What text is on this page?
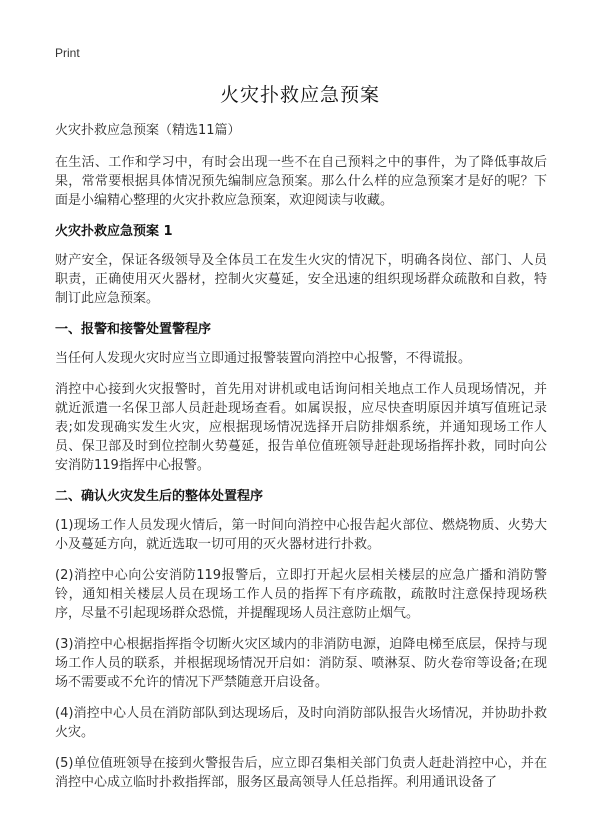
Print
火灾扑救应急预案
火灾扑救应急预案（精选11篇）

在生活、工作和学习中，有时会出现一些不在自己预料之中的事件，为了降低事故后果，常常要根据具体情况预先编制应急预案。那么什么样的应急预案才是好的呢？下面是小编精心整理的火灾扑救应急预案，欢迎阅读与收藏。

火灾扑救应急预案 1

财产安全，保证各级领导及全体员工在发生火灾的情况下，明确各岗位、部门、人员职责，正确使用灭火器材，控制火灾蔓延，安全迅速的组织现场群众疏散和自救，特制订此应急预案。

一、报警和接警处置警程序

当任何人发现火灾时应当立即通过报警装置向消控中心报警，不得谎报。

消控中心接到火灾报警时，首先用对讲机或电话询问相关地点工作人员现场情况，并就近派遣一名保卫部人员赶赴现场查看。如属误报，应尽快查明原因并填写值班记录表;如发现确实发生火灾，应根据现场情况选择开启防排烟系统，并通知现场工作人员、保卫部及时到位控制火势蔓延，报告单位值班领导赶赴现场指挥扑救，同时向公安消防119指挥中心报警。

二、确认火灾发生后的整体处置程序

(1)现场工作人员发现火情后，第一时间向消控中心报告起火部位、燃烧物质、火势大小及蔓延方向，就近选取一切可用的灭火器材进行扑救。

(2)消控中心向公安消防119报警后，立即打开起火层相关楼层的应急广播和消防警铃，通知相关楼层人员在现场工作人员的指挥下有序疏散，疏散时注意保持现场秩序，尽量不引起现场群众恐慌，并提醒现场人员注意防止烟气。

(3)消控中心根据指挥指令切断火灾区域内的非消防电源，迫降电梯至底层，保持与现场工作人员的联系，并根据现场情况开启如：消防泵、喷淋泵、防火卷帘等设备;在现场不需要或不允许的情况下严禁随意开启设备。

(4)消控中心人员在消防部队到达现场后，及时向消防部队报告火场情况，并协助扑救火灾。

(5)单位值班领导在接到火警报告后，应立即召集相关部门负责人赶赴消控中心，并在消控中心成立临时扑救指挥部，服务区最高领导人任总指挥。利用通讯设备了
